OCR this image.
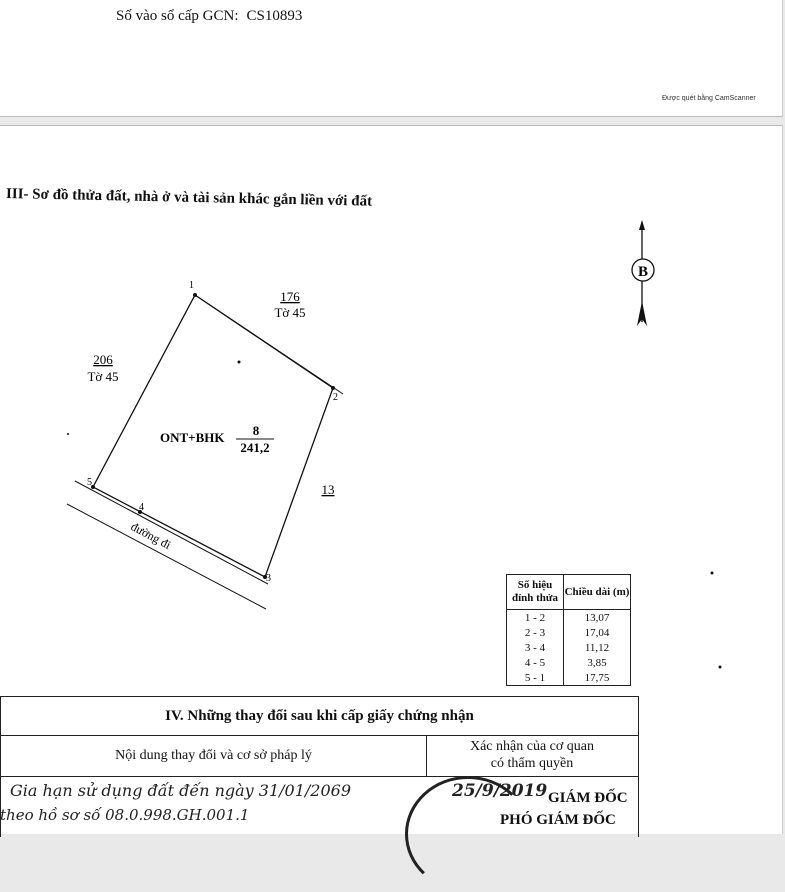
Số vào sổ cấp GCN: CS10893
Được quét bằng CamScanner
III- Sơ đồ thửa đất, nhà ở và tài sản khác gắn liền với đất
B
đường đi
1
2
3
4
5
176
Tờ 45
206
Tờ 45
13
ONT+BHK 8
241,2
Số hiệu đỉnh thửa	Chiều dài (m)
1 - 2	13,07
2 - 3	17,04
3 - 4	11,12
4 - 5	3,85
5 - 1	17,75
IV. Những thay đổi sau khi cấp giấy chứng nhận
Nội dung thay đổi và cơ sở pháp lý
Xác nhận của cơ quan
có thẩm quyền
Gia hạn sử dụng đất đến ngày 31/01/2069
theo hồ sơ số 08.0.998.GH.001.1
25/9/2019 GIÁM ĐỐC
PHÓ GIÁM ĐỐC
